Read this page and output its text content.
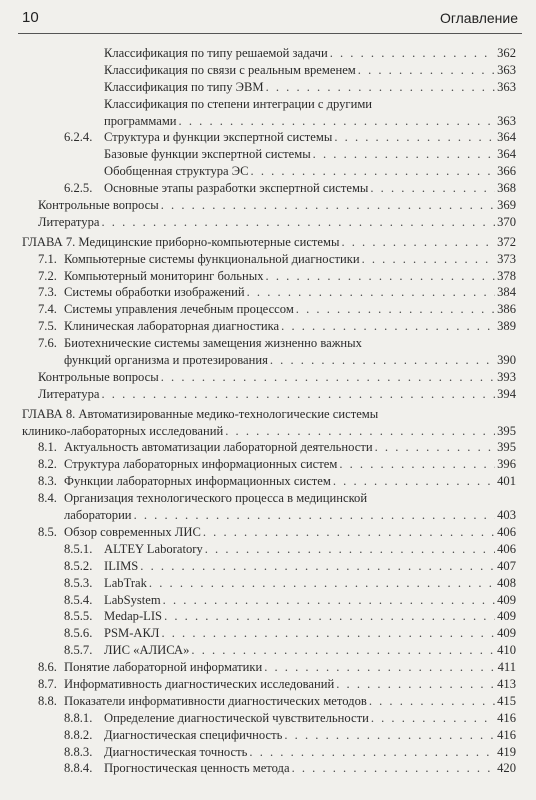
10	Оглавление
Классификация по типу решаемой задачи . . .	362
Классификация по связи с реальным временем . . .	363
Классификация по типу ЭВМ . . .	363
Классификация по степени интеграции с другими
программами . . .	363
6.2.4. Структура и функции экспертной системы . . .	364
Базовые функции экспертной системы . . .	364
Обобщенная структура ЭС . . .	366
6.2.5. Основные этапы разработки экспертной системы . . .	368
Контрольные вопросы . . .	369
Литература . . .	370
ГЛАВА 7. Медицинские приборно-компьютерные системы . . .	372
7.1. Компьютерные системы функциональной диагностики . . .	373
7.2. Компьютерный мониторинг больных . . .	378
7.3. Системы обработки изображений . . .	384
7.4. Системы управления лечебным процессом . . .	386
7.5. Клиническая лабораторная диагностика . . .	389
7.6. Биотехнические системы замещения жизненно важных
функций организма и протезирования . . .	390
Контрольные вопросы . . .	393
Литература . . .	394
ГЛАВА 8. Автоматизированные медико-технологические системы
клинико-лабораторных исследований . . .	395
8.1. Актуальность автоматизации лабораторной деятельности . . .	395
8.2. Структура лабораторных информационных систем . . .	396
8.3. Функции лабораторных информационных систем . . .	401
8.4. Организация технологического процесса в медицинской
лаборатории . . .	403
8.5. Обзор современных ЛИС . . .	406
8.5.1. ALTEY Laboratory . . .	406
8.5.2. ILIMS . . .	407
8.5.3. LabTrak . . .	408
8.5.4. LabSystem . . .	409
8.5.5. Medap-LIS . . .	409
8.5.6. PSM-АКЛ . . .	409
8.5.7. ЛИС «АЛИСА» . . .	410
8.6. Понятие лабораторной информатики . . .	411
8.7. Информативность диагностических исследований . . .	413
8.8. Показатели информативности диагностических методов . . .	415
8.8.1. Определение диагностической чувствительности . . .	416
8.8.2. Диагностическая специфичность . . .	416
8.8.3. Диагностическая точность . . .	419
8.8.4. Прогностическая ценность метода . . .	420
